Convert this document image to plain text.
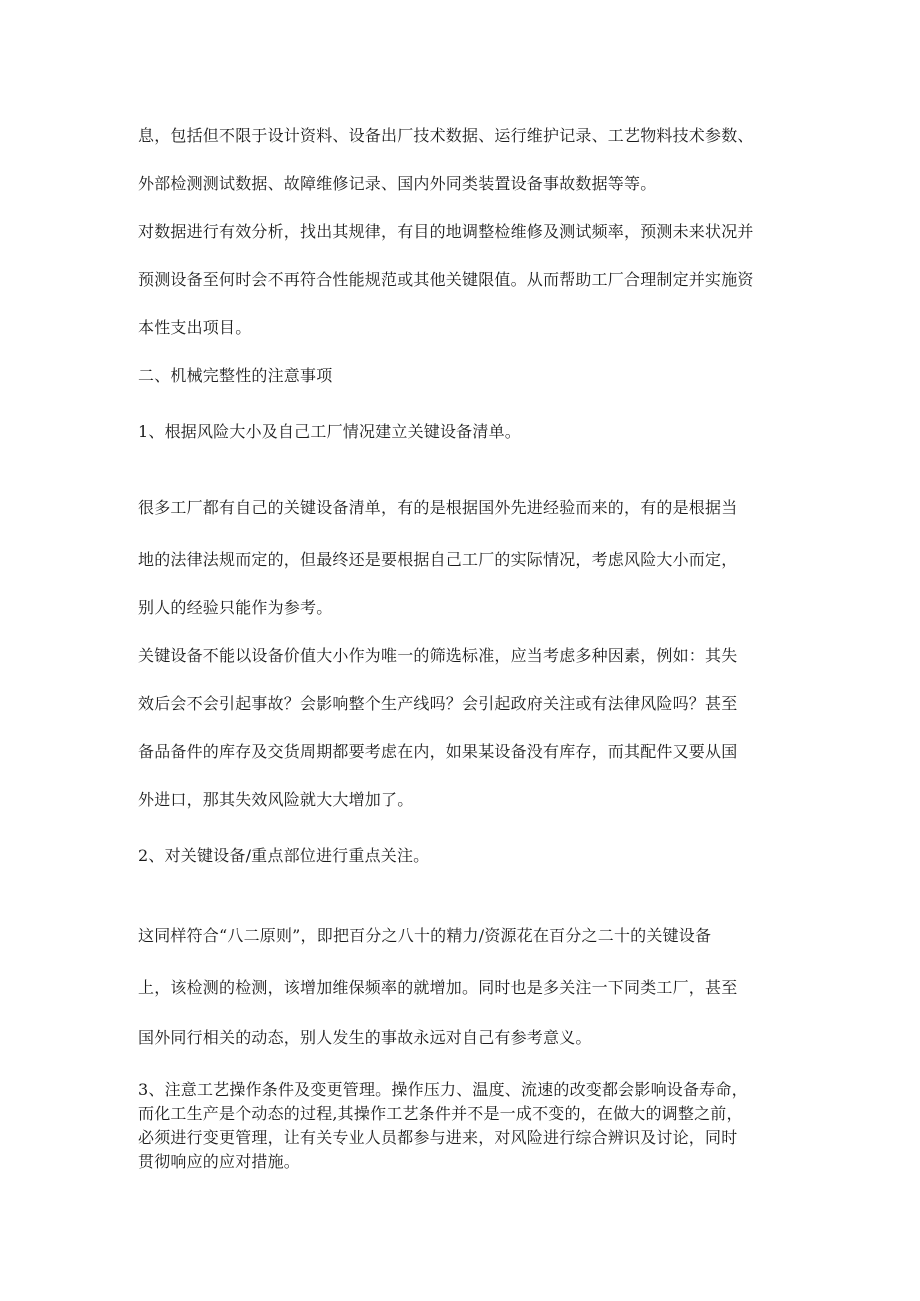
息，包括但不限于设计资料、设备出厂技术数据、运行维护记录、工艺物料技术参数、
外部检测测试数据、故障维修记录、国内外同类装置设备事故数据等等。
对数据进行有效分析，找出其规律，有目的地调整检维修及测试频率，预测未来状况并
预测设备至何时会不再符合性能规范或其他关键限值。从而帮助工厂合理制定并实施资
本性支出项目。
二、机械完整性的注意事项
1、根据风险大小及自己工厂情况建立关键设备清单。
很多工厂都有自己的关键设备清单，有的是根据国外先进经验而来的，有的是根据当
地的法律法规而定的，但最终还是要根据自己工厂的实际情况，考虑风险大小而定，
别人的经验只能作为参考。
关键设备不能以设备价值大小作为唯一的筛选标准，应当考虑多种因素，例如：其失
效后会不会引起事故？会影响整个生产线吗？会引起政府关注或有法律风险吗？甚至
备品备件的库存及交货周期都要考虑在内，如果某设备没有库存，而其配件又要从国
外进口，那其失效风险就大大增加了。
2、对关键设备/重点部位进行重点关注。
这同样符合“八二原则”，即把百分之八十的精力/资源花在百分之二十的关键设备
上，该检测的检测，该增加维保频率的就增加。同时也是多关注一下同类工厂，甚至
国外同行相关的动态，别人发生的事故永远对自己有参考意义。
3、注意工艺操作条件及变更管理。操作压力、温度、流速的改变都会影响设备寿命，
而化工生产是个动态的过程,其操作工艺条件并不是一成不变的，在做大的调整之前，
必须进行变更管理，让有关专业人员都参与进来，对风险进行综合辨识及讨论，同时
贯彻响应的应对措施。
